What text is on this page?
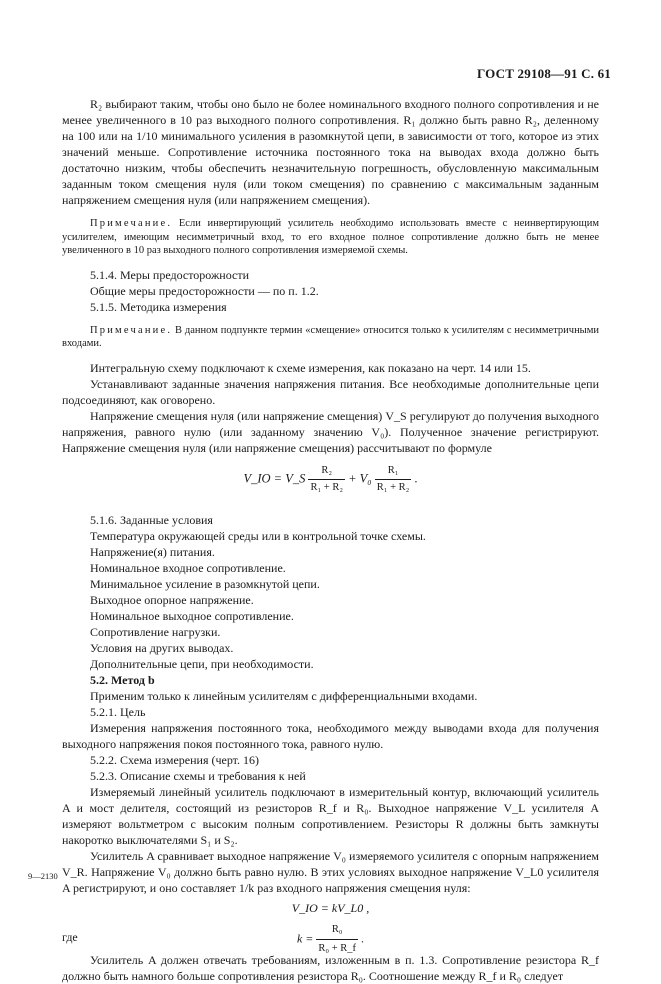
ГОСТ 29108—91 С. 61

R₂ выбирают таким, чтобы оно было не более номинального входного полного сопротивления и не менее увеличенного в 10 раз выходного полного сопротивления. R₁ должно быть равно R₂, деленному на 100 или на 1/10 минимального усиления в разомкнутой цепи, в зависимости от того, которое из этих значений меньше. Сопротивление источника постоянного тока на выводах входа должно быть достаточно низким, чтобы обеспечить незначительную погрешность, обусловленную максимальным заданным током смещения нуля (или током смещения) по сравнению с максимальным заданным напряжением смещения нуля (или напряжением смещения).

Примечание. Если инвертирующий усилитель необходимо использовать вместе с неинвертирующим усилителем, имеющим несимметричный вход, то его входное полное сопротивление должно быть не менее увеличенного в 10 раз выходного полного сопротивления измеряемой схемы.

5.1.4. Меры предосторожности

Общие меры предосторожности — по п. 1.2.

5.1.5. Методика измерения

Примечание. В данном подпункте термин «смещение» относится только к усилителям с несимметричными входами.

Интегральную схему подключают к схеме измерения, как показано на черт. 14 или 15.

Устанавливают заданные значения напряжения питания. Все необходимые дополнительные цепи подсоединяют, как оговорено.

Напряжение смещения нуля (или напряжение смещения) V_S регулируют до получения выходного напряжения, равного нулю (или заданному значению V₀). Полученное значение регистрируют. Напряжение смещения нуля (или напряжение смещения) рассчитывают по формуле

V_IO = V_S $\frac{\text{R₂}}{\text{R₁ + R₂}} + V_0 \frac{\text{R₁}}{\text{R₁ + R₂}}$ .

5.1.6. Заданные условия

Температура окружающей среды или в контрольной точке схемы.

Напряжение(я) питания.

Номинальное входное сопротивление.

Минимальное усиление в разомкнутой цепи.

Выходное опорное напряжение.

Номинальное выходное сопротивление.

Сопротивление нагрузки.

Условия на других выводах.

Дополнительные цепи, при необходимости.

5.2. Метод b

Применим только к линейным усилителям с дифференциальными входами.

5.2.1. Цель

Измерения напряжения постоянного тока, необходимого между выводами входа для получения выходного напряжения покоя постоянного тока, равного нулю.

5.2.2. Схема измерения (черт. 16)

5.2.3. Описание схемы и требования к ней

Измеряемый линейный усилитель подключают в измерительный контур, включающий усилитель A и мост делителя, состоящий из резисторов R_f и R₀. Выходное напряжение V_L усилителя A измеряют вольтметром с высоким полным сопротивлением. Резисторы R должны быть замкнуты накоротко выключателями S₁ и S₂.

Усилитель A сравнивает выходное напряжение V₀ измеряемого усилителя с опорным напряжением V_R. Напряжение V₀ должно быть равно нулю. В этих условиях выходное напряжение V_L0 усилителя A регистрируют, и оно составляет 1/k раз входного напряжения смещения нуля:

V_IO = kV_L0 ,
где	$k = \frac{\text{R₀}}{\text{R₀ + R\_f}}$ .

Усилитель A должен отвечать требованиям, изложенным в п. 1.3. Сопротивление резистора R_f должно быть намного больше сопротивления резистора R₀. Соотношение между R_f и R₀ следует

9—2130
